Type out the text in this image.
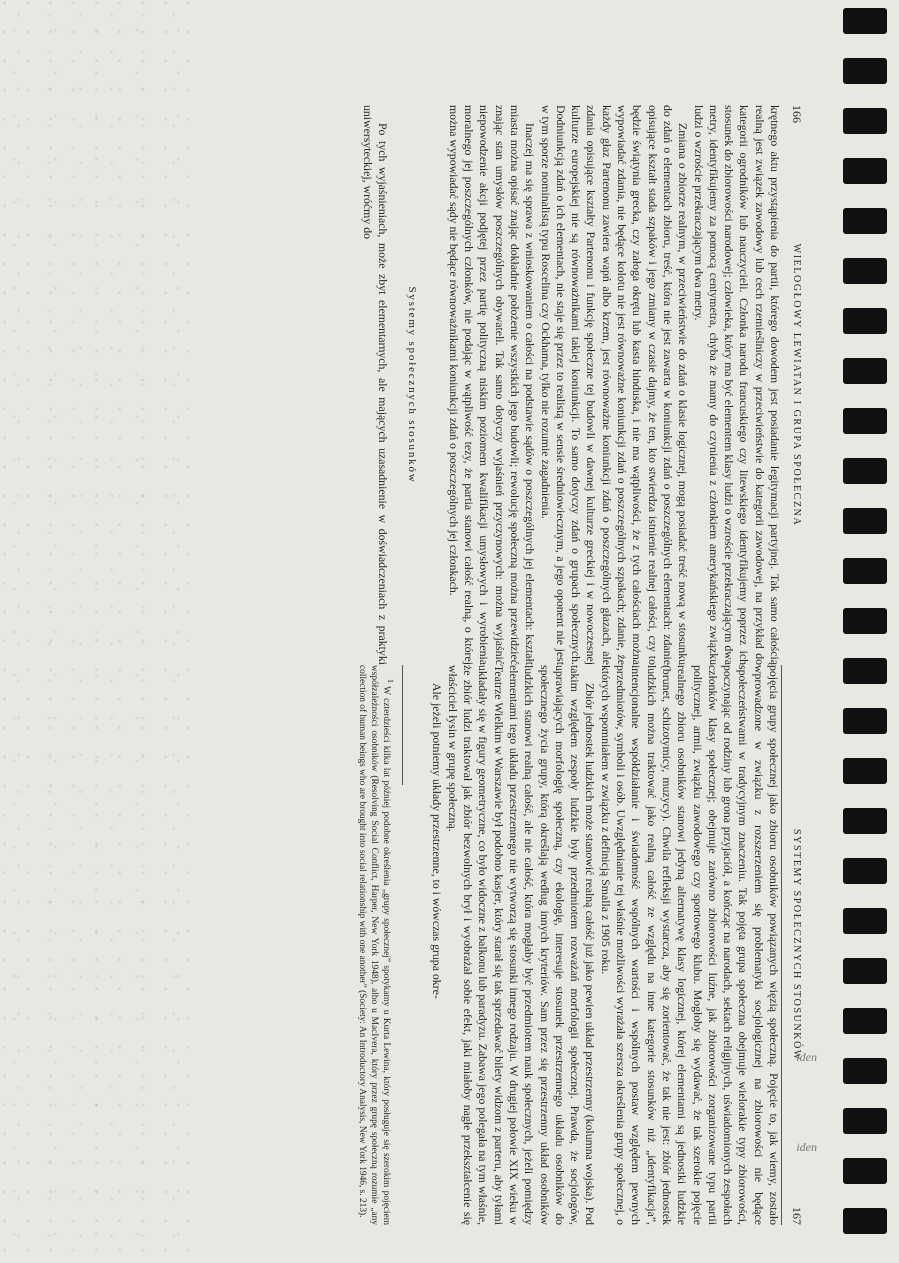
166
WIELOGŁOWY LEWIATAN I GRUPA SPOŁECZNA

krętnego aktu przystąpienia do partii, którego dowodem jest posiadanie legitymacji partyjnej. Tak samo całością realną jest związek zawodowy lub cech rzemieślniczy w przeciwieństwie do kategorii zawodowej, na przykład do kategorii ogrodników lub nauczycieli. Członka narodu francuskiego czy litewskiego identyfikujemy poprzez ich stosunek do zbiorowości narodowej; człowieka, który ma być elementem klasy ludzi o wzroście przekraczającym dwa metry, identyfikujemy za pomocą centymetra, chyba że mamy do czynienia z członkiem amerykańskiego związku ludzi o wzroście przekraczającym dwa metry.

Zmiana o zbiorze realnym, w przeciwieństwie do zdań o klasie logicznej, mogą posiadać treść nową w stosunku do zdań o elementach zbioru, treść, która nie jest zawarta w koniunkcji zdań o poszczególnych elementach: zdanie opisujące kształt stada szpaków i jego zmiany w czasie dajmy, że ten, kto stwierdza istnienie realnej całości, czy to będzie świątynia grecka, czy załoga okrętu lub kasta hinduska, i nie ma wątpliwości, że z tych całościach można wypowiadać zdania, nie będące kolotu nie jest równoważne koniunkcji zdań o poszczególnych szpakach; zdanie, że każdy głaz Partenonu zawiera wapń albo krzem, jest równoważne koniunkcji zdań o poszczególnych głazach, ale zdania opisujące kształty Partenonu i funkcję społeczne tej budowli w dawnej kulturze greckiej i w nowoczesnej kulturze europejskiej nie są równoważnikami takiej koniunkcji. To samo dotyczy zdań o grupach społecznych. Dodniunkcją zdań o ich elementach, nie staje się przez to realistą w sensie średniowiecznym, a jego oponent nie jest w tym sporze nominalistą typu Roscelina czy Ockhama, tylko nie rozumie zagadnienia.

Inaczej ma się sprawa z wnioskowaniem o całości na podstawie sądów o poszczególnych jej elementach: kształt miasta można opisać znając dokładnie położenie wszystkich jego budowli; rewolucję społeczną można przewidzieć znając stan umysłów poszczególnych obywateli. Tak samo dotyczy wyjaśnień przyczynowych: można wyjaśnić niepowodzenie akcji podjętej przez partię polityczną niskim poziomem kwalifikacji umysłowych i wyrobienia moralnego jej poszczególnych członków, nie podając w wątpliwość tezy, że partia stanowi całość realną, o której można wypowiadać sądy nie będące równoważnikami koniunkcji zdań o poszczególnych jej członkach.

Systemy społecznych stosunków

Po tych wyjaśnieniach, może zbyt elementarnych, ale mających uzasadnienie w doświadczeniach z praktyki uniwersyteckiej, wróćmy do

SYSTEMY SPOŁECZNYCH STOSUNKÓW
167

pojęcia grupy społecznej jako zbioru osobników powiązanych więzią społeczną. Pojęcie to, jak wiemy, zostało wprowadzone w związku z rozszerzeniem się problematyki socjologicznej na zbiorowości nie będące społeczeństwami w tradycyjnym znaczeniu. Tak pojęta grupa społeczna obejmuje wielorakie typy zbiorowości, poczynając od rodziny lub grona przyjaciół, a kończąc na narodach, sektach religijnych, uświadomionych zespołach członków klasy społecznej; obejmuje zarówno zbiorowości luźne, jak zbiorowości zorganizowane typu partii politycznej, armii, związku zawodowego czy sportowego klubu. Mogłoby się wydawać, że tak szerokie pojęcie realnego zbioru osobników stanowi jedyną alternatywę klasy logicznej, której elementami są jednostki ludzkie (brunet, schizotymicy, muzycy). Chwila refleksji wystarcza, aby się zorientować, że tak nie jest: zbiór jednostek ludzkich można traktować jako realną całość ze względu na inne kategorie stosunków niż „identyfikacja”, intencjonalne współdziałanie i świadomość wspólnych wartości i wspólnych postaw względem pewnych przedmiotów, symboli i osób. Uwzględnianie tej właśnie możliwości wyrażała szersza określenia grupy społecznej, o których wspomniałem w związku z definicją Smalla z 1905 roku.

Zbiór jednostek ludzkich może stanowić realną całość już jako pewien układ przestrzenny (kolumna wojska). Pod takim względem zespoły ludzkie były przedmiotem rozważań morfologii społecznej. Prawda, że socjologów, uprawiających morfologię społeczną, czy ekologię, interesuje stosunek przestrzennego układu osobników do społecznego życia grupy, którą określają według innych kryteriów. Sam przez się przestrzenny układ osobników ludzkich stanowi realną całość, ale nie całość, która mogłaby być przedmiotem nauk społecznych, jeżeli pomiędzy elementami tego układu przestrzennego nie wytworzą się stosunki innego rodzaju. W drugiej połowie XIX wieku w Teatrze Wielkim w Warszawie był podobno kasjer, który starał się tak sprzedawać bilety widzom z parteru, aby tyłami układały się w figury geometryczne, co było widoczne z balkonu lub paradyzu. Zabawa jego polegała na tym właśnie, że zbiór ludzi traktował jak zbiór bezwolnych brył i wyobrażał sobie efekt, jaki miałoby nagłe przekształcenie się właściciel łysin w grupę społeczną.

Ale jeżeli potniemy układy przestrzenne, to i wówczas grupa okre-

1 W czterdzieści kilka lat później podobne określenia „grupy społecznej” spotykamy u Kurta Lewina, który posługuje się szerokim pojęciem współzależności osobników (Resolving Social Conflict, Harper, New York 1948), albo u MacIvera, który przez grupę społeczną rozumie „any collection of human beings who are brought into social relationship with one another” (Society: An Introductory Analysis, New York 1946, s. 213).	iden
iden
